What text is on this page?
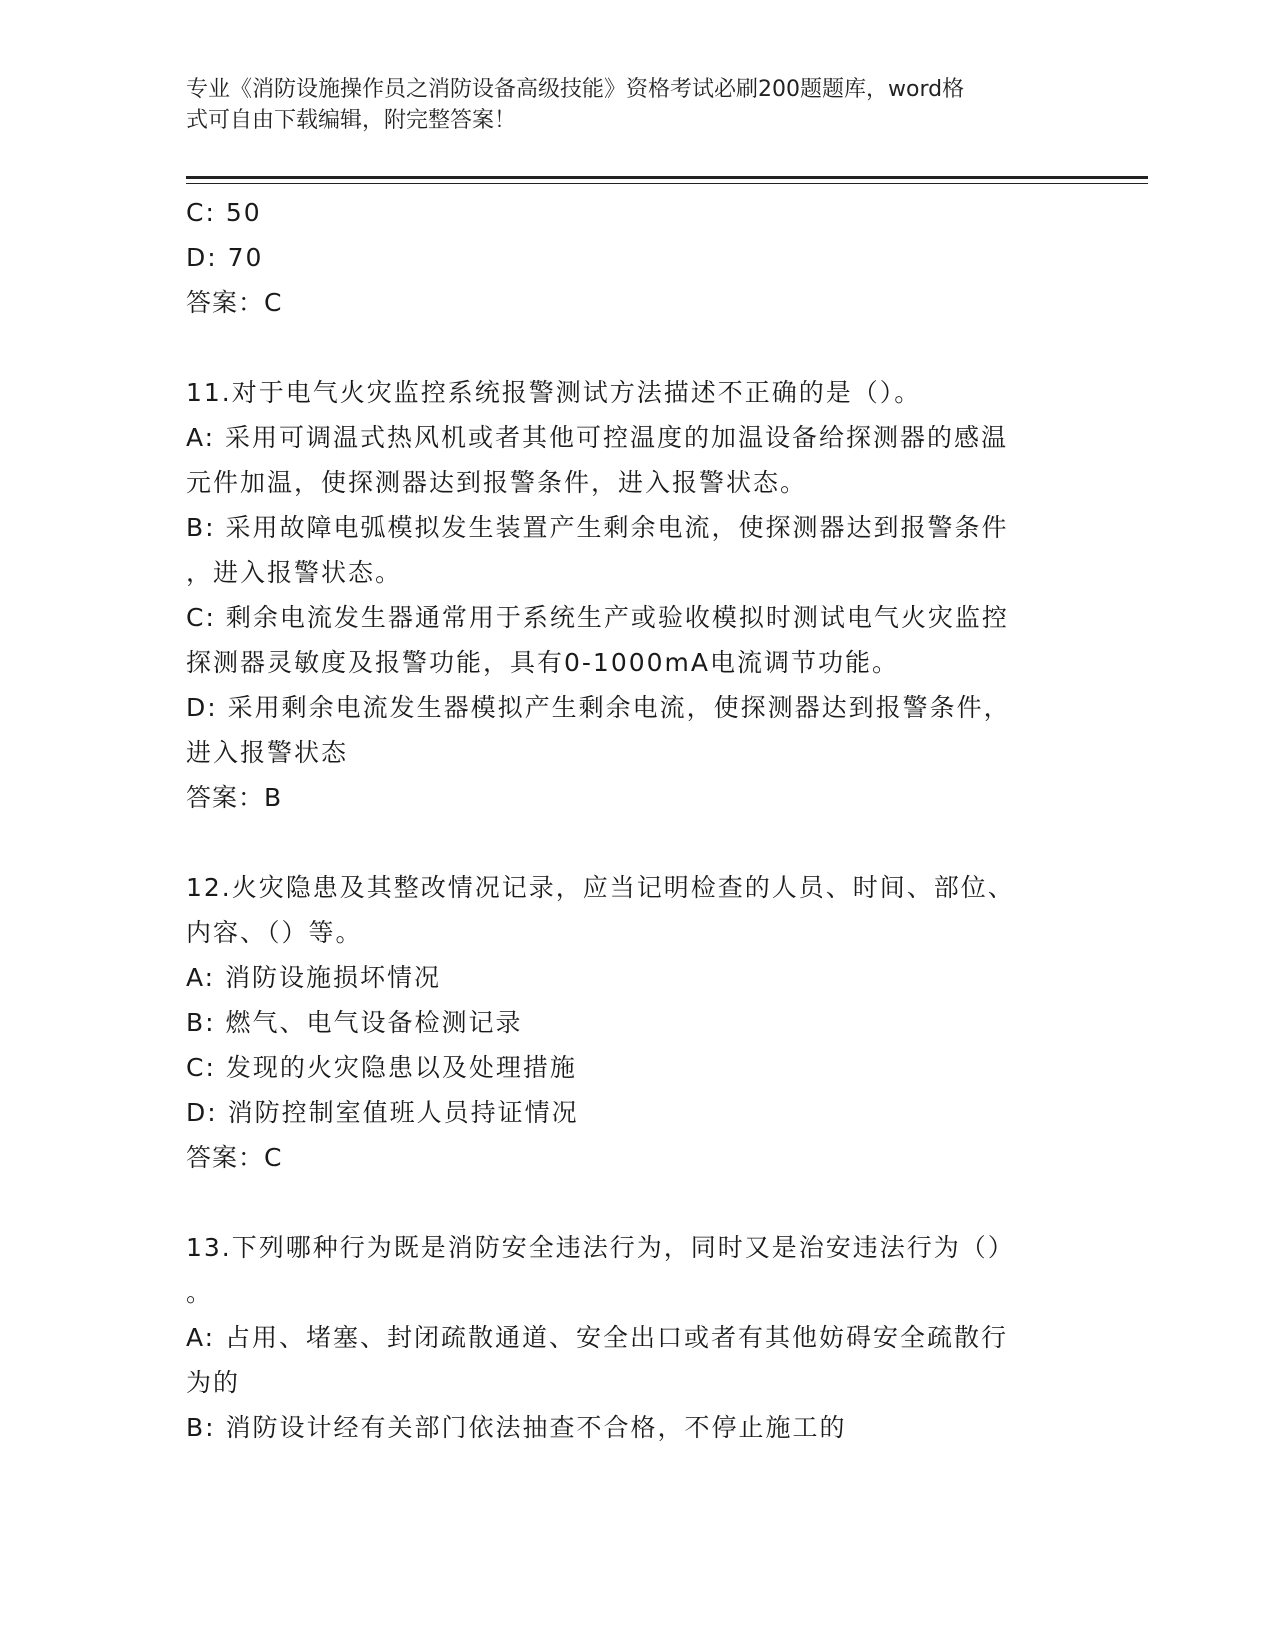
专业《消防设施操作员之消防设备高级技能》资格考试必刷200题题库，word格
式可自由下载编辑，附完整答案！
C: 50
D: 70
答案：C
11.对于电气火灾监控系统报警测试方法描述不正确的是（）。
A: 采用可调温式热风机或者其他可控温度的加温设备给探测器的感温
元件加温，使探测器达到报警条件，进入报警状态。
B: 采用故障电弧模拟发生装置产生剩余电流，使探测器达到报警条件
，进入报警状态。
C: 剩余电流发生器通常用于系统生产或验收模拟时测试电气火灾监控
探测器灵敏度及报警功能，具有0-1000mA电流调节功能。
D: 采用剩余电流发生器模拟产生剩余电流，使探测器达到报警条件，
进入报警状态
答案：B
12.火灾隐患及其整改情况记录，应当记明检查的人员、时间、部位、
内容、（）等。
A: 消防设施损坏情况
B: 燃气、电气设备检测记录
C: 发现的火灾隐患以及处理措施
D: 消防控制室值班人员持证情况
答案：C
13.下列哪种行为既是消防安全违法行为，同时又是治安违法行为（）
。
A: 占用、堵塞、封闭疏散通道、安全出口或者有其他妨碍安全疏散行
为的
B: 消防设计经有关部门依法抽查不合格，不停止施工的
